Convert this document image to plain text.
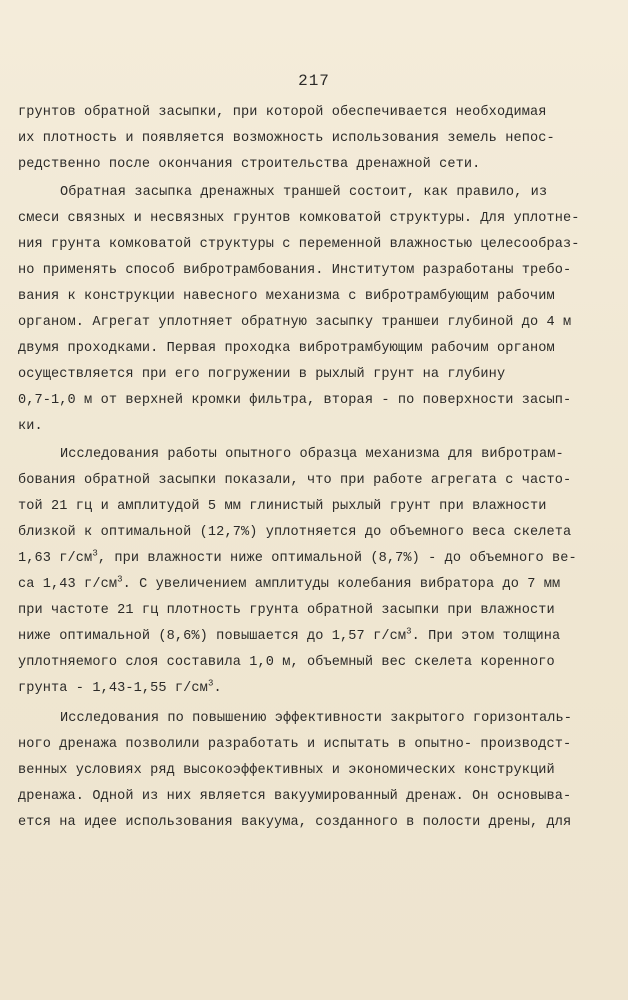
217
грунтов обратной засыпки, при которой обеспечивается необходимая
их плотность и появляется возможность использования земель непос-
редственно после окончания строительства дренажной сети.
Обратная засыпка дренажных траншей состоит, как правило, из
смеси связных и несвязных грунтов комковатой структуры. Для уплотне-
ния грунта комковатой структуры с переменной влажностью целесообраз-
но применять способ вибротрамбования. Институтом разработаны требо-
вания к конструкции навесного механизма с вибротрамбующим рабочим
органом. Агрегат уплотняет обратную засыпку траншеи глубиной до 4 м
двумя проходками. Первая проходка вибротрамбующим рабочим органом
осуществляется при его погружении в рыхлый грунт на глубину
0,7-1,0 м от верхней кромки фильтра, вторая - по поверхности засып-
ки.
Исследования работы опытного образца механизма для вибротрам-
бования обратной засыпки показали, что при работе агрегата с часто-
той 21 гц и амплитудой 5 мм глинистый рыхлый грунт при влажности
близкой к оптимальной (12,7%) уплотняется до объемного веса скелета
1,63 $г/см^3$, при влажности ниже оптимальной (8,7%) - до объемного ве-
са 1,43 $г/см^3$. С увеличением амплитуды колебания вибратора до 7 мм
при частоте 21 гц плотность грунта обратной засыпки при влажности
ниже оптимальной (8,6%) повышается до 1,57 $г/см^3$. При этом толщина
уплотняемого слоя составила 1,0 м, объемный вес скелета коренного
грунта - 1,43-1,55 $г/см^3$.
Исследования по повышению эффективности закрытого горизонталь-
ного дренажа позволили разработать и испытать в опытно- производст-
венных условиях ряд высокоэффективных и экономических конструкций
дренажа. Одной из них является вакуумированный дренаж. Он основыва-
ется на идее использования вакуума, созданного в полости дрены, для
